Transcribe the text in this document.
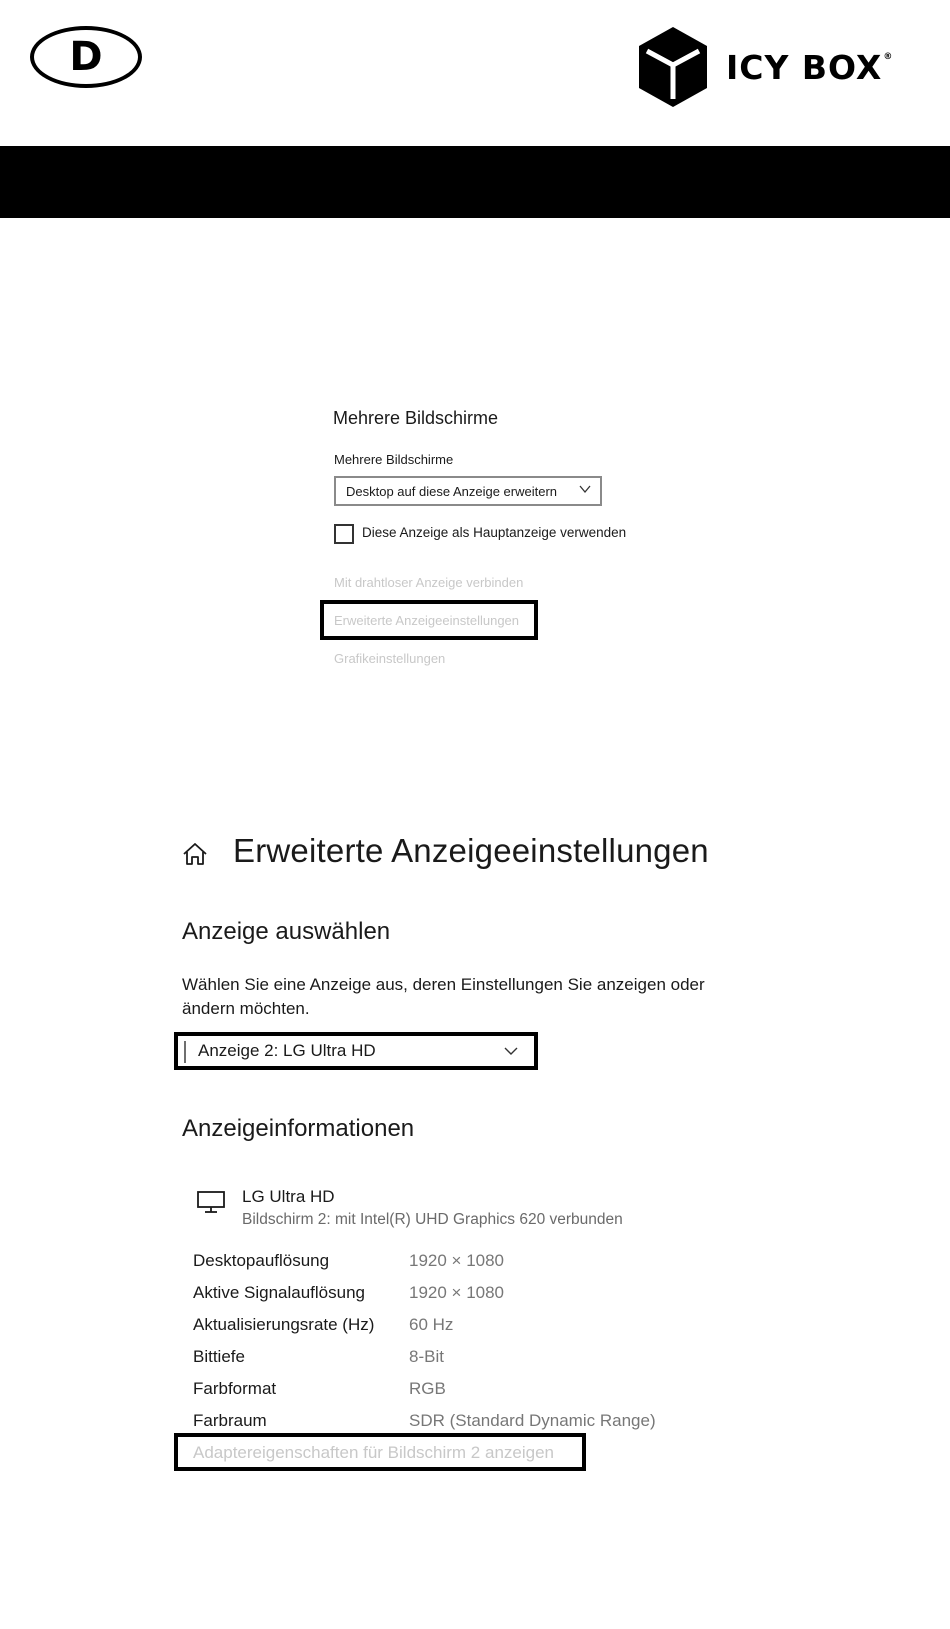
D	ICY BOX®
Mehrere Bildschirme
Mehrere Bildschirme
Desktop auf diese Anzeige erweitern
Diese Anzeige als Hauptanzeige verwenden
Mit drahtloser Anzeige verbinden
Erweiterte Anzeigeeinstellungen
Grafikeinstellungen
Erweiterte Anzeigeeinstellungen
Anzeige auswählen
Wählen Sie eine Anzeige aus, deren Einstellungen Sie anzeigen oder ändern möchten.
Anzeige 2: LG Ultra HD
Anzeigeinformationen
LG Ultra HD
Bildschirm 2: mit Intel(R) UHD Graphics 620 verbunden
Desktopauflösung	1920 × 1080
Aktive Signalauflösung	1920 × 1080
Aktualisierungsrate (Hz) 60 Hz
Bittiefe	8-Bit
Farbformat	RGB
Farbraum	SDR (Standard Dynamic Range)
Adaptereigenschaften für Bildschirm 2 anzeigen
